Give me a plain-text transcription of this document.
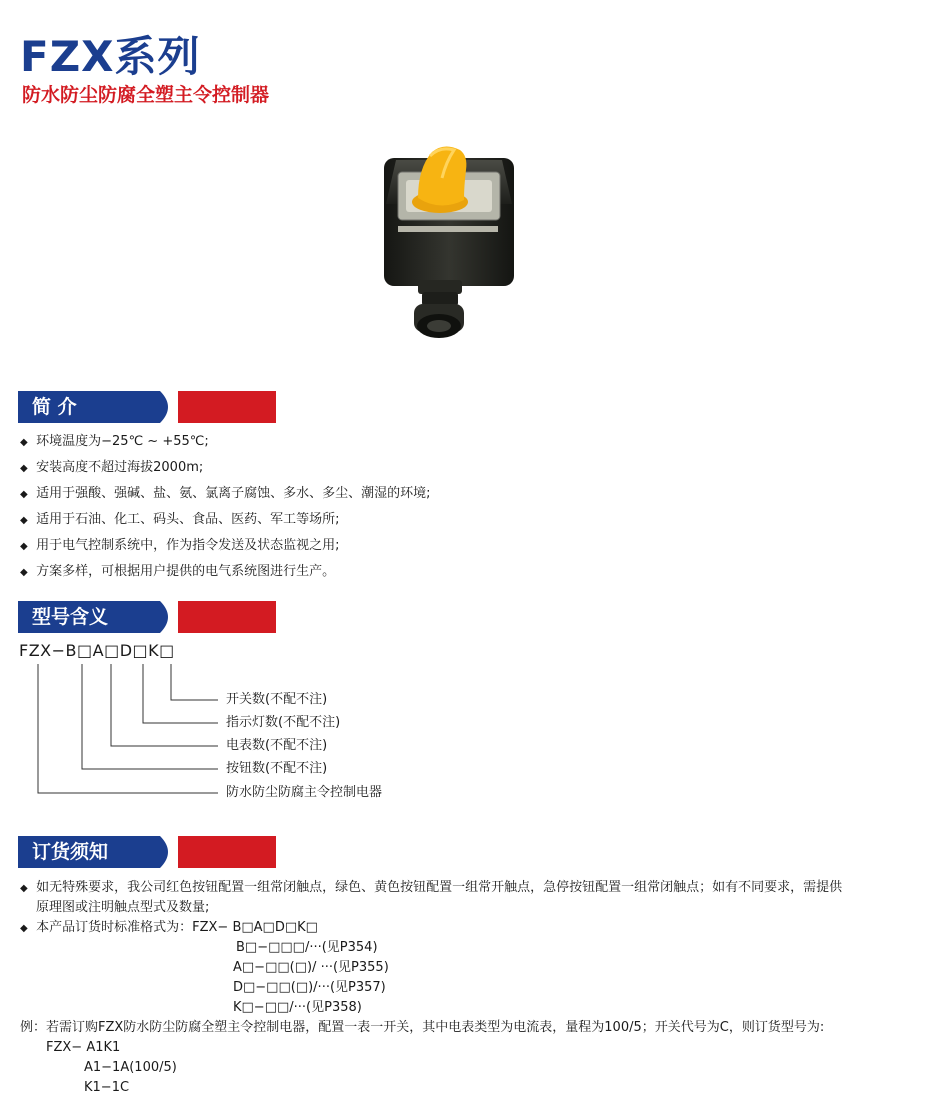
FZX系列
防水防尘防腐全塑主令控制器
简 介
◆ 环境温度为−25℃ ~ +55℃;
◆ 安装高度不超过海拔2000m;
◆ 适用于强酸、强碱、盐、氨、氯离子腐蚀、多水、多尘、潮湿的环境;
◆ 适用于石油、化工、码头、食品、医药、军工等场所;
◆ 用于电气控制系统中，作为指令发送及状态监视之用;
◆ 方案多样，可根据用户提供的电气系统图进行生产。
型号含义
FZX−B□A□D□K□
开关数(不配不注)
指示灯数(不配不注)
电表数(不配不注)
按钮数(不配不注)
防水防尘防腐主令控制电器
订货须知

◆ 如无特殊要求，我公司红色按钮配置一组常闭触点，绿色、黄色按钮配置一组常开触点，急停按钮配置一组常闭触点；如有不同要求，需提供

原理图或注明触点型式及数量;

◆ 本产品订货时标准格式为：FZX− B□A□D□K□

B□−□□□/···(见P354)

A□−□□(□)/ ···(见P355)

D□−□□(□)/···(见P357)

K□−□□/···(见P358)

例：若需订购FZX防水防尘防腐全塑主令控制电器，配置一表一开关，其中电表类型为电流表，量程为100/5；开关代号为C，则订货型号为:

FZX− A1K1

A1−1A(100/5)

K1−1C
